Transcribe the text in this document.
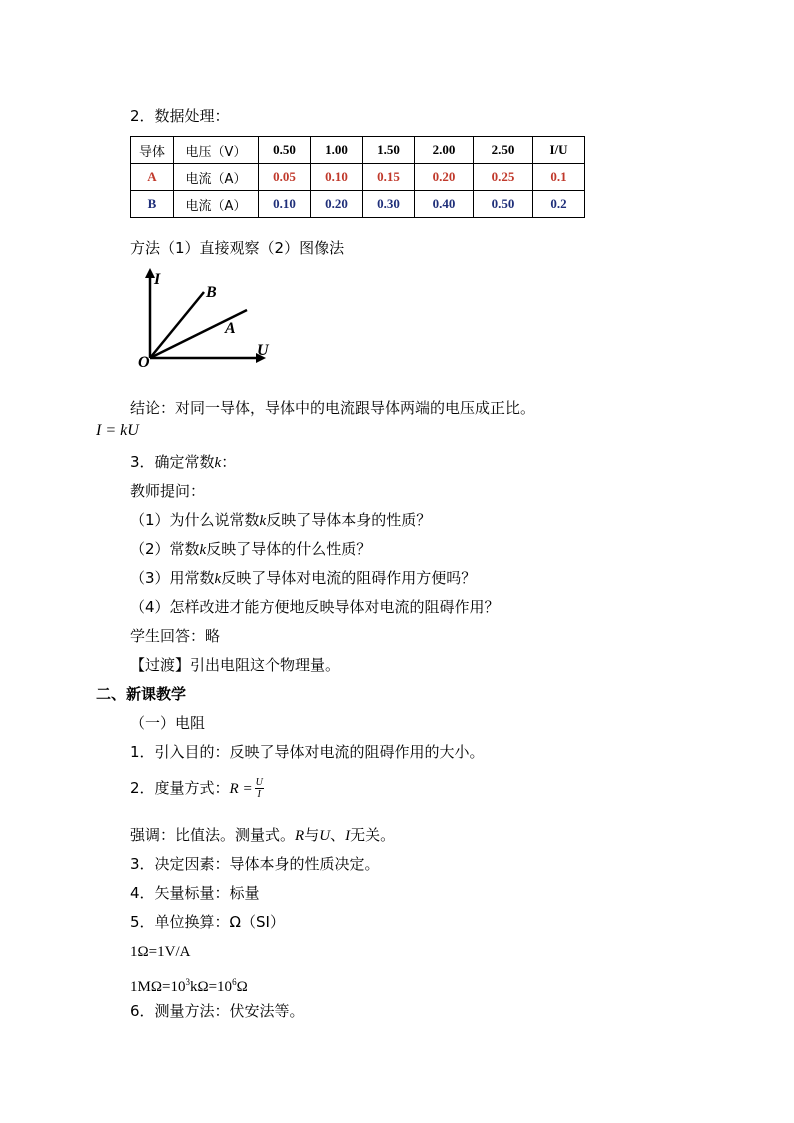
2．数据处理：
导体	电压（V）	0.50	1.00	1.50	2.00	2.50	I/U
A	电流（A）	0.05	0.10	0.15	0.20	0.25	0.1
B	电流（A）	0.10	0.20	0.30	0.40	0.50	0.2
方法（1）直接观察（2）图像法
I
U
O
B
A
结论：对同一导体，导体中的电流跟导体两端的电压成正比。
I = kU
3．确定常数k：
教师提问：
（1）为什么说常数k反映了导体本身的性质？
（2）常数k反映了导体的什么性质？
（3）用常数k反映了导体对电流的阻碍作用方便吗？
（4）怎样改进才能方便地反映导体对电流的阻碍作用？
学生回答：略
【过渡】引出电阻这个物理量。
二、新课教学
（一）电阻
1．引入目的：反映了导体对电流的阻碍作用的大小。
2．度量方式：$R = \frac{U}{I}$
强调：比值法。测量式。R与U、I无关。
3．决定因素：导体本身的性质决定。
4．矢量标量：标量
5．单位换算：Ω（SI）
1Ω=1V/A
$1M\Omega=10^3k\Omega=10^6\Omega$
6．测量方法：伏安法等。
